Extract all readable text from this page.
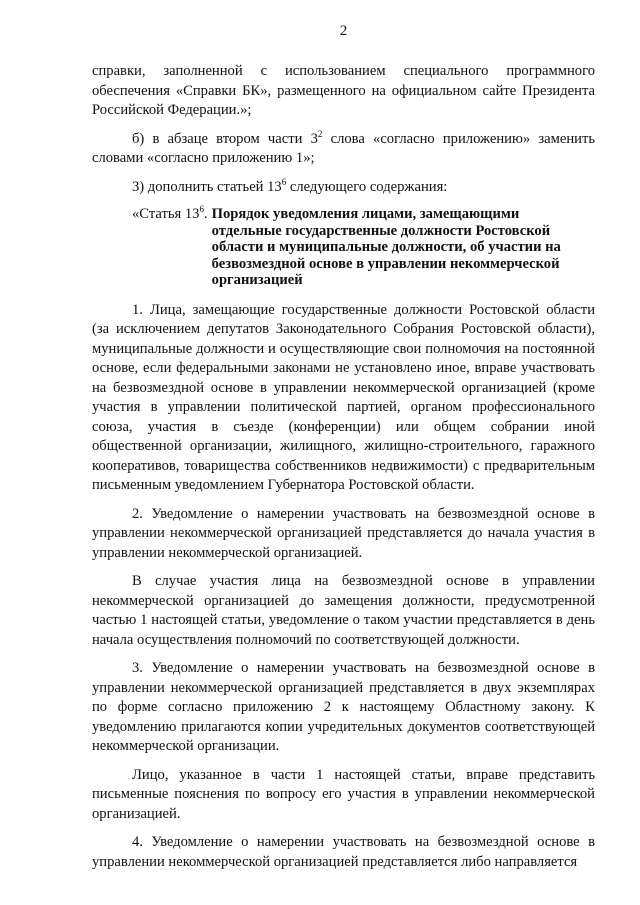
2

справки, заполненной с использованием специального программного обеспечения «Справки БК», размещенного на официальном сайте Президента Российской Федерации.»;

б) в абзаце втором части $3^2$ слова «согласно приложению» заменить словами «согласно приложению 1»;

3) дополнить статьей $13^6$ следующего содержания:

«Статья $13^6$. Порядок уведомления лицами, замещающими отдельные государственные должности Ростовской области и муниципальные должности, об участии на безвозмездной основе в управлении некоммерческой организацией

1. Лица, замещающие государственные должности Ростовской области (за исключением депутатов Законодательного Собрания Ростовской области), муниципальные должности и осуществляющие свои полномочия на постоянной основе, если федеральными законами не установлено иное, вправе участвовать на безвозмездной основе в управлении некоммерческой организацией (кроме участия в управлении политической партией, органом профессионального союза, участия в съезде (конференции) или общем собрании иной общественной организации, жилищного, жилищно-строительного, гаражного кооперативов, товарищества собственников недвижимости) с предварительным письменным уведомлением Губернатора Ростовской области.

2. Уведомление о намерении участвовать на безвозмездной основе в управлении некоммерческой организацией представляется до начала участия в управлении некоммерческой организацией.

В случае участия лица на безвозмездной основе в управлении некоммерческой организацией до замещения должности, предусмотренной частью 1 настоящей статьи, уведомление о таком участии представляется в день начала осуществления полномочий по соответствующей должности.

3. Уведомление о намерении участвовать на безвозмездной основе в управлении некоммерческой организацией представляется в двух экземплярах по форме согласно приложению 2 к настоящему Областному закону. К уведомлению прилагаются копии учредительных документов соответствующей некоммерческой организации.

Лицо, указанное в части 1 настоящей статьи, вправе представить письменные пояснения по вопросу его участия в управлении некоммерческой организацией.

4. Уведомление о намерении участвовать на безвозмездной основе в управлении некоммерческой организацией представляется либо направляется
